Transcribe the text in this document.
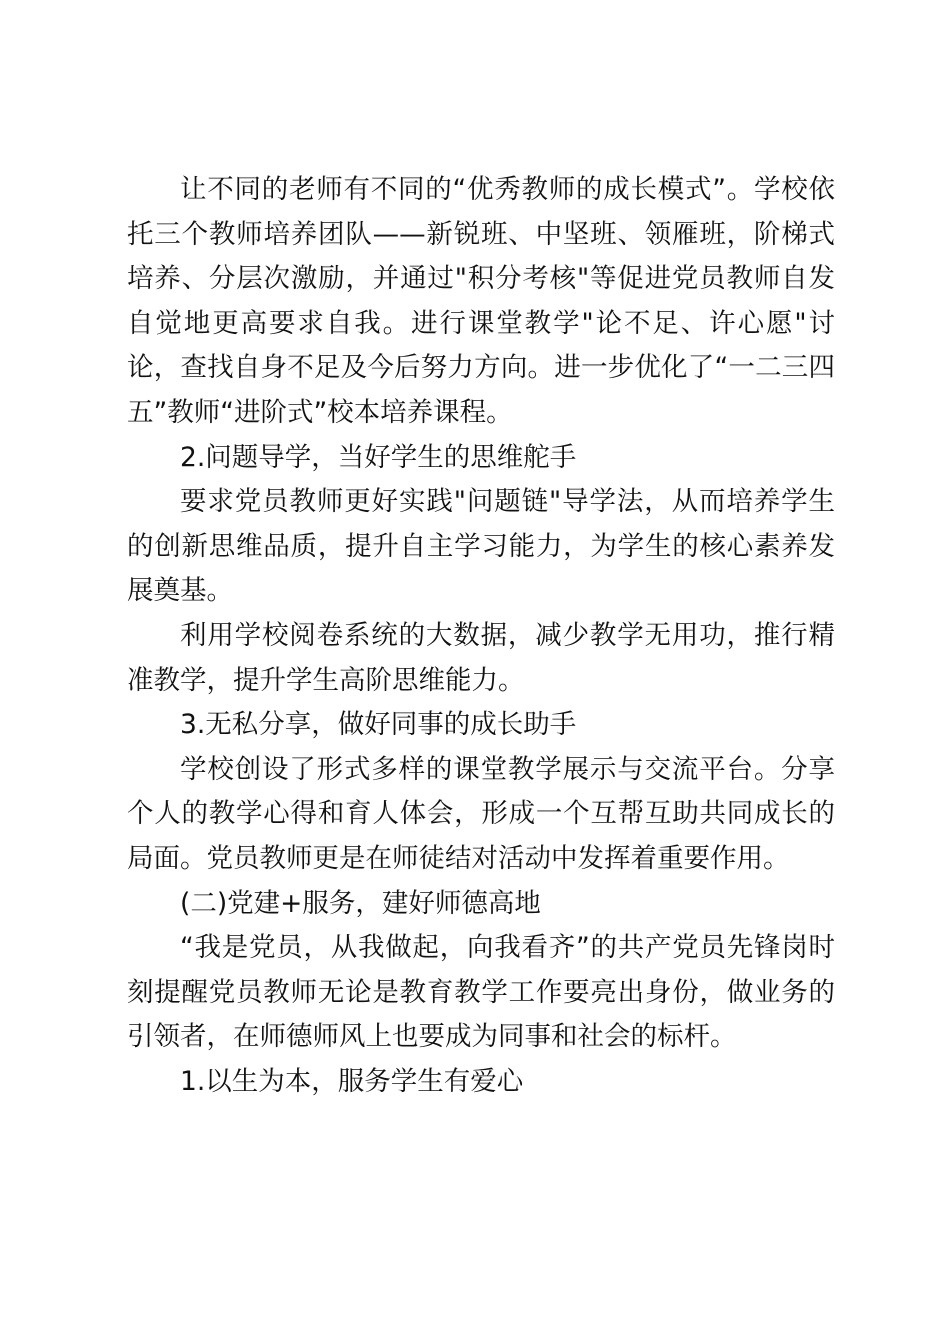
让不同的老师有不同的“优秀教师的成长模式”。学校依托三个教师培养团队——新锐班、中坚班、领雁班，阶梯式培养、分层次激励，并通过"积分考核"等促进党员教师自发自觉地更高要求自我。进行课堂教学"论不足、许心愿"讨论，查找自身不足及今后努力方向。进一步优化了“一二三四五”教师“进阶式”校本培养课程。

2.问题导学，当好学生的思维舵手

要求党员教师更好实践"问题链"导学法，从而培养学生的创新思维品质，提升自主学习能力，为学生的核心素养发展奠基。

利用学校阅卷系统的大数据，减少教学无用功，推行精准教学，提升学生高阶思维能力。

3.无私分享，做好同事的成长助手

学校创设了形式多样的课堂教学展示与交流平台。分享个人的教学心得和育人体会，形成一个互帮互助共同成长的局面。党员教师更是在师徒结对活动中发挥着重要作用。

(二)党建+服务，建好师德高地

“我是党员，从我做起，向我看齐”的共产党员先锋岗时刻提醒党员教师无论是教育教学工作要亮出身份，做业务的引领者，在师德师风上也要成为同事和社会的标杆。

1.以生为本，服务学生有爱心
